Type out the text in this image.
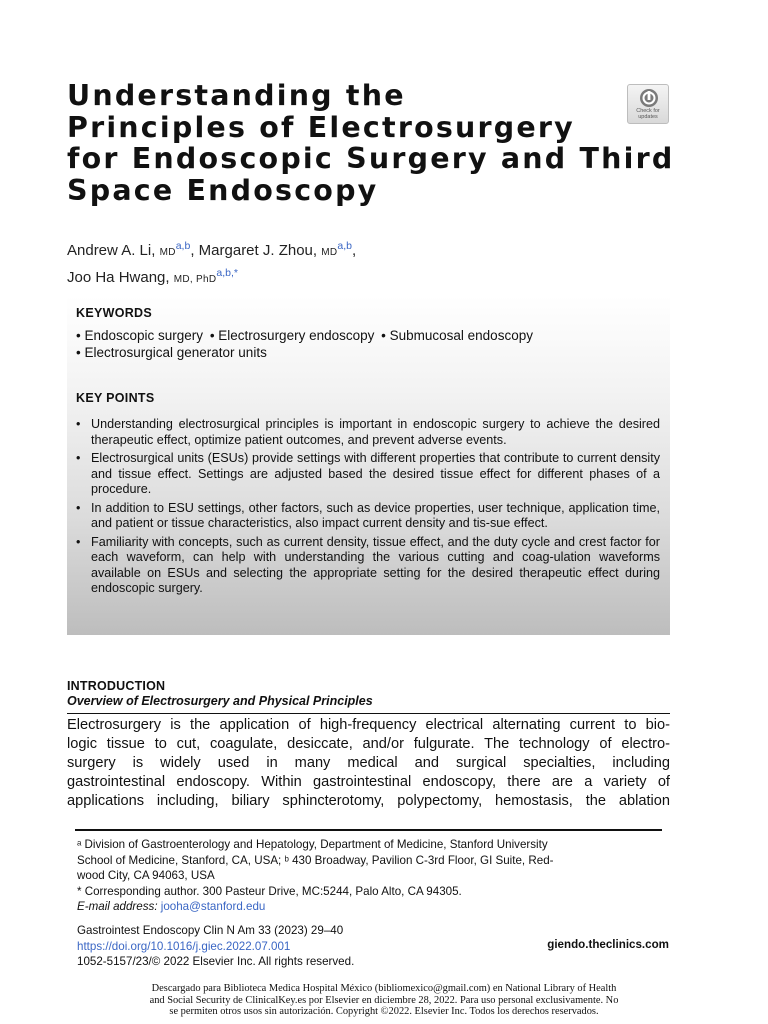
Understanding the
Principles of Electrosurgery
for Endoscopic Surgery and Third
Space Endoscopy
Check for
updates
Andrew A. Li, MD$^{a,b}$, Margaret J. Zhou, MD$^{a,b}$,
Joo Ha Hwang, MD, PhD$^{a,b,*}$
KEYWORDS
• Endoscopic surgery • Electrosurgery endoscopy • Submucosal endoscopy
• Electrosurgical generator units
KEY POINTS
• Understanding electrosurgical principles is important in endoscopic surgery to achieve the desired therapeutic effect, optimize patient outcomes, and prevent adverse events.
• Electrosurgical units (ESUs) provide settings with different properties that contribute to current density and tissue effect. Settings are adjusted based the desired tissue effect for different phases of a procedure.
• In addition to ESU settings, other factors, such as device properties, user technique, application time, and patient or tissue characteristics, also impact current density and tis-sue effect.
• Familiarity with concepts, such as current density, tissue effect, and the duty cycle and crest factor for each waveform, can help with understanding the various cutting and coag-ulation waveforms available on ESUs and selecting the appropriate setting for the desired therapeutic effect during endoscopic surgery.
INTRODUCTION
Overview of Electrosurgery and Physical Principles
Electrosurgery is the application of high-frequency electrical alternating current to bio-
logic tissue to cut, coagulate, desiccate, and/or fulgurate. The technology of electro-
surgery is widely used in many medical and surgical specialties, including
gastrointestinal endoscopy. Within gastrointestinal endoscopy, there are a variety of
applications including, biliary sphincterotomy, polypectomy, hemostasis, the ablation
ᵃ Division of Gastroenterology and Hepatology, Department of Medicine, Stanford University
School of Medicine, Stanford, CA, USA; ᵇ 430 Broadway, Pavilion C-3rd Floor, GI Suite, Red-
wood City, CA 94063, USA
* Corresponding author. 300 Pasteur Drive, MC:5244, Palo Alto, CA 94305.
E-mail address: jooha@stanford.edu
Gastrointest Endoscopy Clin N Am 33 (2023) 29–40
https://doi.org/10.1016/j.giec.2022.07.001
1052-5157/23/© 2022 Elsevier Inc. All rights reserved.
giendo.theclinics.com
Descargado para Biblioteca Medica Hospital México (bibliomexico@gmail.com) en National Library of Health
and Social Security de ClinicalKey.es por Elsevier en diciembre 28, 2022. Para uso personal exclusivamente. No
se permiten otros usos sin autorización. Copyright ©2022. Elsevier Inc. Todos los derechos reservados.
